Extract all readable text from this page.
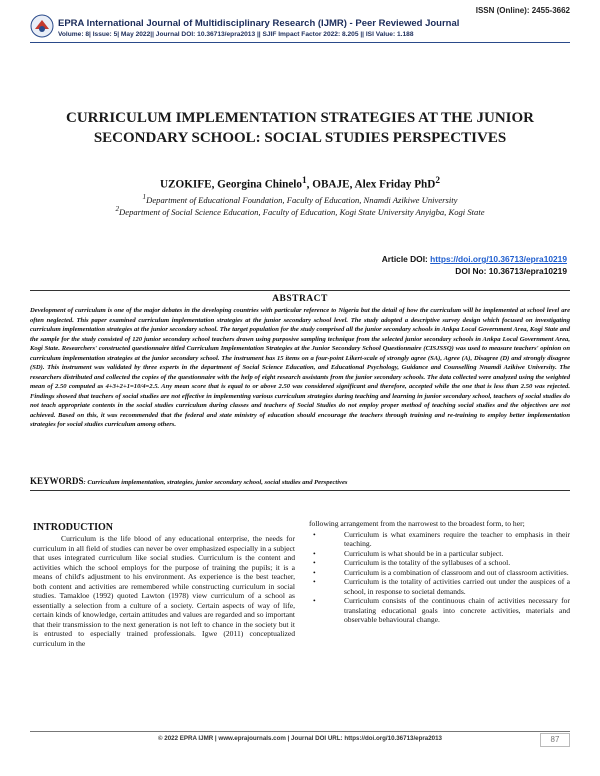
ISSN (Online): 2455-3662
EPRA International Journal of Multidisciplinary Research (IJMR) - Peer Reviewed Journal
Volume: 8| Issue: 5| May 2022|| Journal DOI: 10.36713/epra2013 || SJIF Impact Factor 2022: 8.205 || ISI Value: 1.188
CURRICULUM IMPLEMENTATION STRATEGIES AT THE JUNIOR SECONDARY SCHOOL: SOCIAL STUDIES PERSPECTIVES
UZOKIFE, Georgina Chinelo$^1$, OBAJE, Alex Friday PhD$^2$
$^1$Department of Educational Foundation, Faculty of Education, Nnamdi Azikiwe University
$^2$Department of Social Science Education, Faculty of Education, Kogi State University Anyigba, Kogi State
Article DOI: https://doi.org/10.36713/epra10219
DOI No: 10.36713/epra10219
ABSTRACT

Development of curriculum is one of the major debates in the developing countries with particular reference to Nigeria but the detail of how the curriculum will be implemented at school level are often neglected. This paper examined curriculum implementation strategies at the junior secondary school level. The study adopted a descriptive survey design which focused on investigating curriculum implementation strategies at the junior secondary school. The target population for the study comprised all the junior secondary schools in Ankpa Local Government Area, Kogi State and the sample for the study consisted of 120 junior secondary school teachers drawn using purposive sampling technique from the selected junior secondary schools in Ankpa Local Government Area, Kogi State. Researchers' constructed questionnaire titled Curriculum Implementation Strategies at the Junior Secondary School Questionnaire (CISJSSQ) was used to measure teachers' opinion on curriculum implementation strategies at the junior secondary school. The instrument has 15 items on a four-point Likert-scale of strongly agree (SA), Agree (A), Disagree (D) and strongly disagree (SD). This instrument was validated by three experts in the department of Social Science Education, and Educational Psychology, Guidance and Counselling Nnamdi Azikiwe University. The researchers distributed and collected the copies of the questionnaire with the help of eight research assistants from the junior secondary schools. The data collected were analyzed using the weighted mean of 2.50 computed as 4+3+2+1=10/4=2.5. Any mean score that is equal to or above 2.50 was considered significant and therefore, accepted while the one that is less than 2.50 was rejected. Findings showed that teachers of social studies are not effective in implementing various curriculum strategies during teaching and learning in junior secondary school, teachers of social studies do not teach appropriate contents in the social studies curriculum during classes and teachers of Social Studies do not employ proper method of teaching social studies and the objectives are not achieved. Based on this, it was recommended that the federal and state ministry of education should encourage the teachers through training and re-training to employ better implementation strategies for social studies curriculum among others.

KEYWORDS: Curriculum implementation, strategies, junior secondary school, social studies and Perspectives
INTRODUCTION

Curriculum is the life blood of any educational enterprise, the needs for curriculum in all field of studies can never be over emphasized especially in a subject that uses integrated curriculum like social studies. Curriculum is the content and activities which the school employs for the purpose of training the pupils; it is a means of child's adjustment to his environment. As experience is the best teacher, both content and activities are remembered while constructing curriculum in social studies. Tamakloe (1992) quoted Lawton (1978) view curriculum of a school as essentially a selection from a culture of a society. Certain aspects of way of life, certain kinds of knowledge, certain attitudes and values are regarded and so important that their transmission to the next generation is not left to chance in the society but it is entrusted to especially trained professionals. Igwe (2011) conceptualized curriculum in the

following arrangement from the narrowest to the broadest form, to her;

•	Curriculum is what examiners require the teacher to emphasis in their teaching.
•	Curriculum is what should be in a particular subject.
•	Curriculum is the totality of the syllabuses of a school.
•	Curriculum is a combination of classroom and out of classroom activities.
•	Curriculum is the totality of activities carried out under the auspices of a school, in response to societal demands.
•	Curriculum consists of the continuous chain of activities necessary for translating educational goals into concrete activities, materials and observable behavioural change.
© 2022 EPRA IJMR | www.eprajournals.com | Journal DOI URL: https://doi.org/10.36713/epra2013	87
